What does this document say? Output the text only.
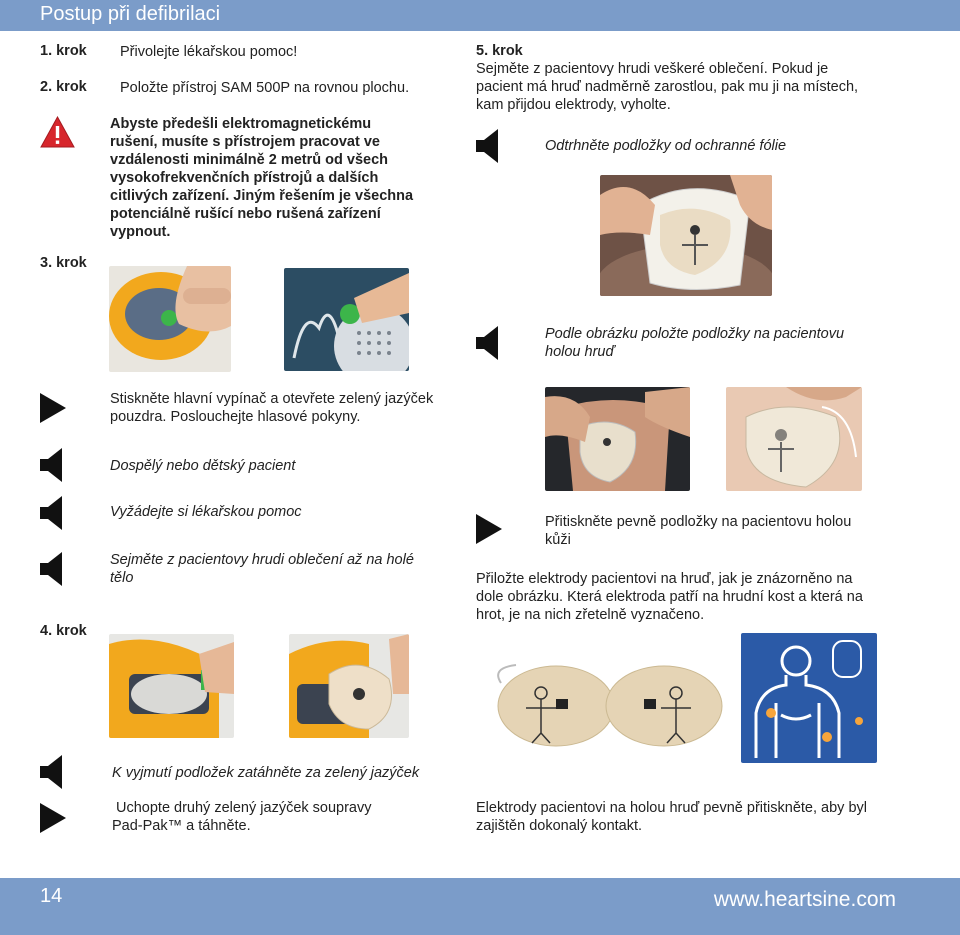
Postup při defibrilaci
1. krok Přivolejte lékařskou pomoc!
2. krok Položte přístroj SAM 500P na rovnou plochu.
Abyste předešli elektromagnetickému
rušení, musíte s přístrojem pracovat ve
vzdálenosti minimálně 2 metrů od všech
vysokofrekvenčních přístrojů a dalších
citlivých zařízení. Jiným řešením je všechna
potenciálně rušící nebo rušená zařízení
vypnout.
3. krok
Stiskněte hlavní vypínač a otevřete zelený jazýček
pouzdra. Poslouchejte hlasové pokyny.
Dospělý nebo dětský pacient
Vyžádejte si lékařskou pomoc
Sejměte z pacientovy hrudi oblečení až na holé
tělo
4. krok
K vyjmutí podložek zatáhněte za zelený jazýček
Uchopte druhý zelený jazýček soupravy
Pad-Pak™ a táhněte.
5. krok
Sejměte z pacientovy hrudi veškeré oblečení. Pokud je
pacient má hruď nadměrně zarostlou, pak mu ji na místech,
kam přijdou elektrody, vyholte.
Odtrhněte podložky od ochranné fólie
Podle obrázku položte podložky na pacientovu
holou hruď
Přitiskněte pevně podložky na pacientovu holou
kůži
Přiložte elektrody pacientovi na hruď, jak je znázorněno na
dole obrázku. Která elektroda patří na hrudní kost a která na
hrot, je na nich zřetelně vyznačeno.
Elektrody pacientovi na holou hruď pevně přitiskněte, aby byl
zajištěn dokonalý kontakt.
14	www.heartsine.com
